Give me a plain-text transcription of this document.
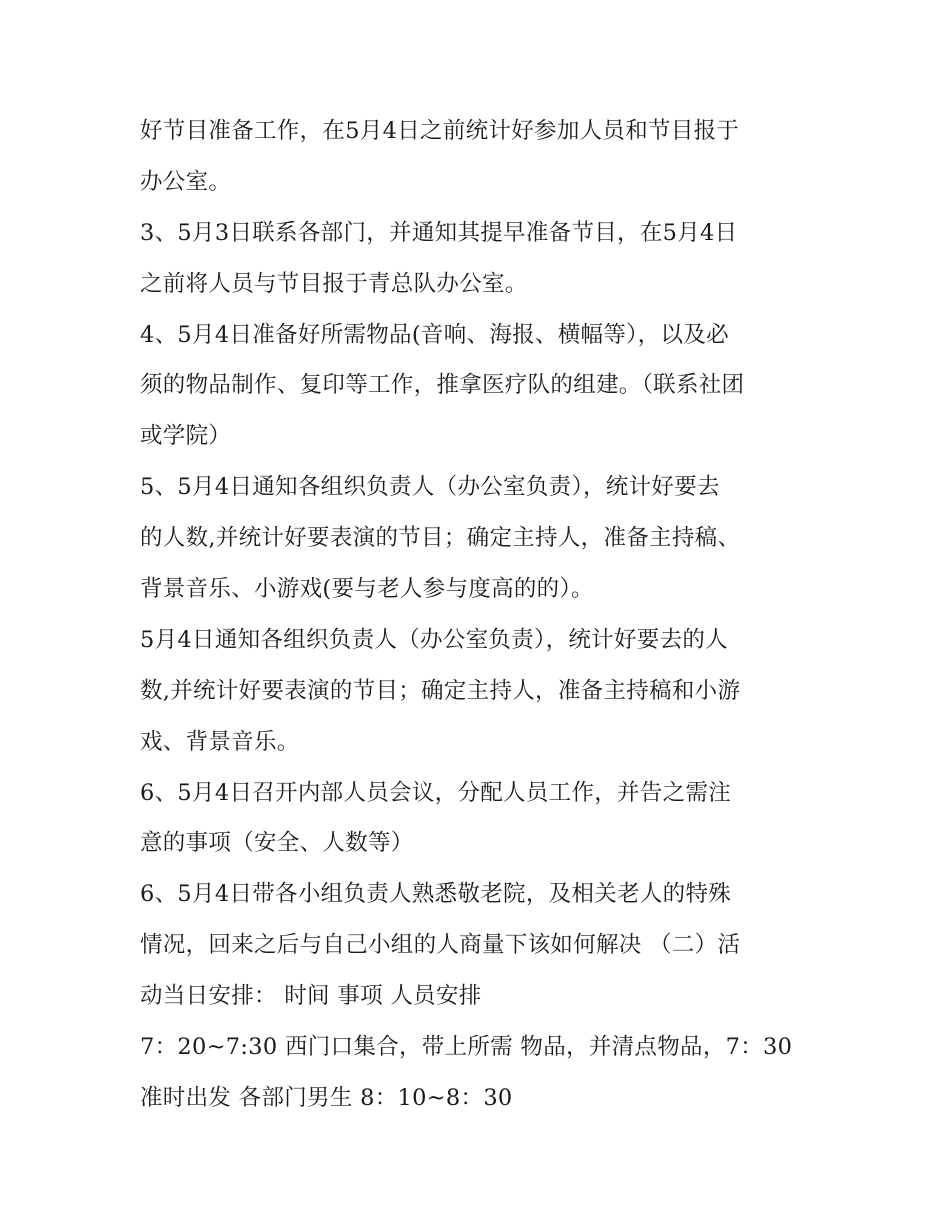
好节目准备工作，在5月4日之前统计好参加人员和节目报于
办公室。
3、5月3日联系各部门，并通知其提早准备节目，在5月4日
之前将人员与节目报于青总队办公室。
4、5月4日准备好所需物品(音响、海报、横幅等），以及必
须的物品制作、复印等工作，推拿医疗队的组建。（联系社团
或学院）
5、5月4日通知各组织负责人（办公室负责），统计好要去
的人数,并统计好要表演的节目；确定主持人，准备主持稿、
背景音乐、小游戏(要与老人参与度高的的）。
5月4日通知各组织负责人（办公室负责），统计好要去的人
数,并统计好要表演的节目；确定主持人，准备主持稿和小游
戏、背景音乐。
6、5月4日召开内部人员会议，分配人员工作，并告之需注
意的事项（安全、人数等）
6、5月4日带各小组负责人熟悉敬老院，及相关老人的特殊
情况，回来之后与自己小组的人商量下该如何解决 （二）活
动当日安排： 时间 事项 人员安排
7：20~7:30 西门口集合，带上所需 物品，并清点物品，7：30
准时出发 各部门男生 8：10~8：30
